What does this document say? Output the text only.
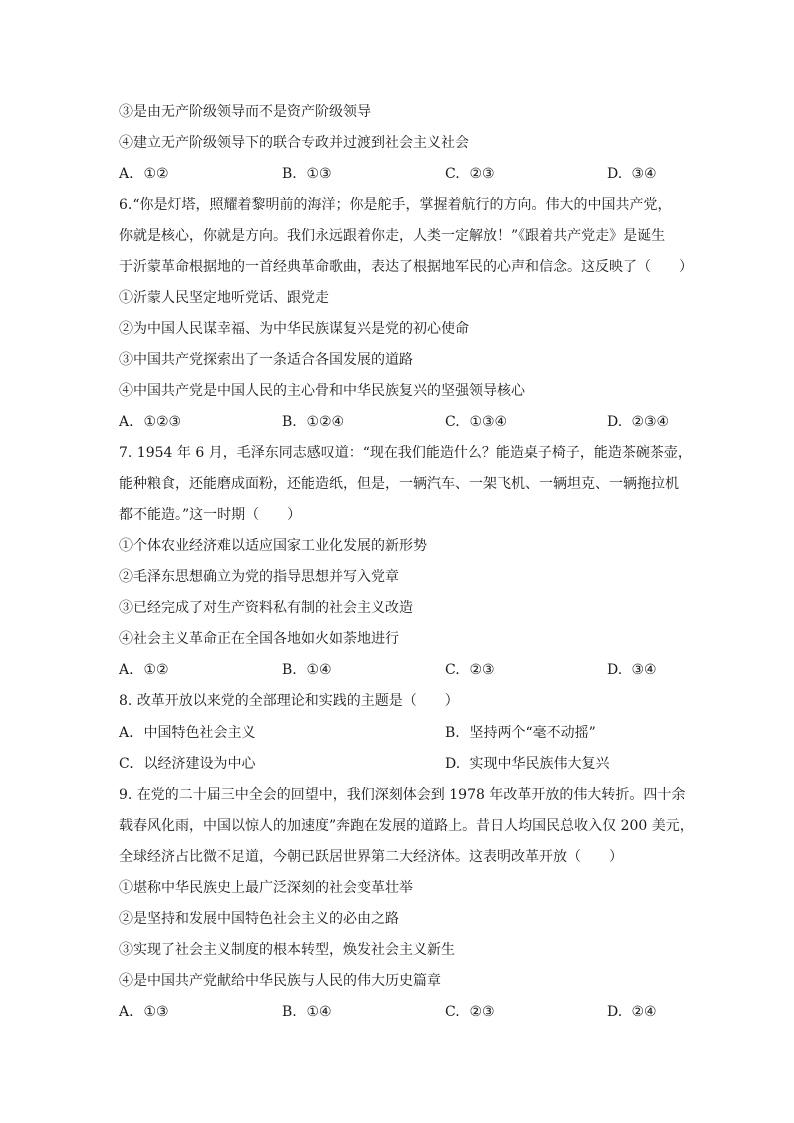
③是由无产阶级领导而不是资产阶级领导
④建立无产阶级领导下的联合专政并过渡到社会主义社会
A. ①②	B. ①③	C. ②③	D. ③④
6.“你是灯塔，照耀着黎明前的海洋；你是舵手，掌握着航行的方向。伟大的中国共产党，
你就是核心，你就是方向。我们永远跟着你走，人类一定解放！”《跟着共产党走》是诞生
于沂蒙革命根据地的一首经典革命歌曲，表达了根据地军民的心声和信念。这反映了（　　）
①沂蒙人民坚定地听党话、跟党走
②为中国人民谋幸福、为中华民族谋复兴是党的初心使命
③中国共产党探索出了一条适合各国发展的道路
④中国共产党是中国人民的主心骨和中华民族复兴的坚强领导核心
A. ①②③	B. ①②④	C. ①③④	D. ②③④
7. 1954 年 6 月，毛泽东同志感叹道：“现在我们能造什么？能造桌子椅子，能造茶碗茶壶，
能种粮食，还能磨成面粉，还能造纸，但是，一辆汽车、一架飞机、一辆坦克、一辆拖拉机
都不能造。”这一时期（　　）
①个体农业经济难以适应国家工业化发展的新形势
②毛泽东思想确立为党的指导思想并写入党章
③已经完成了对生产资料私有制的社会主义改造
④社会主义革命正在全国各地如火如荼地进行
A. ①②	B. ①④	C. ②③	D. ③④
8. 改革开放以来党的全部理论和实践的主题是（　　）
A. 中国特色社会主义	B. 坚持两个“毫不动摇”
C. 以经济建设为中心	D. 实现中华民族伟大复兴
9. 在党的二十届三中全会的回望中，我们深刻体会到 1978 年改革开放的伟大转折。四十余
载春风化雨，中国以惊人的加速度”奔跑在发展的道路上。昔日人均国民总收入仅 200 美元，
全球经济占比微不足道，今朝已跃居世界第二大经济体。这表明改革开放（　　）
①堪称中华民族史上最广泛深刻的社会变革壮举
②是坚持和发展中国特色社会主义的必由之路
③实现了社会主义制度的根本转型，焕发社会主义新生
④是中国共产党献给中华民族与人民的伟大历史篇章
A. ①③	B. ①④	C. ②③	D. ②④
